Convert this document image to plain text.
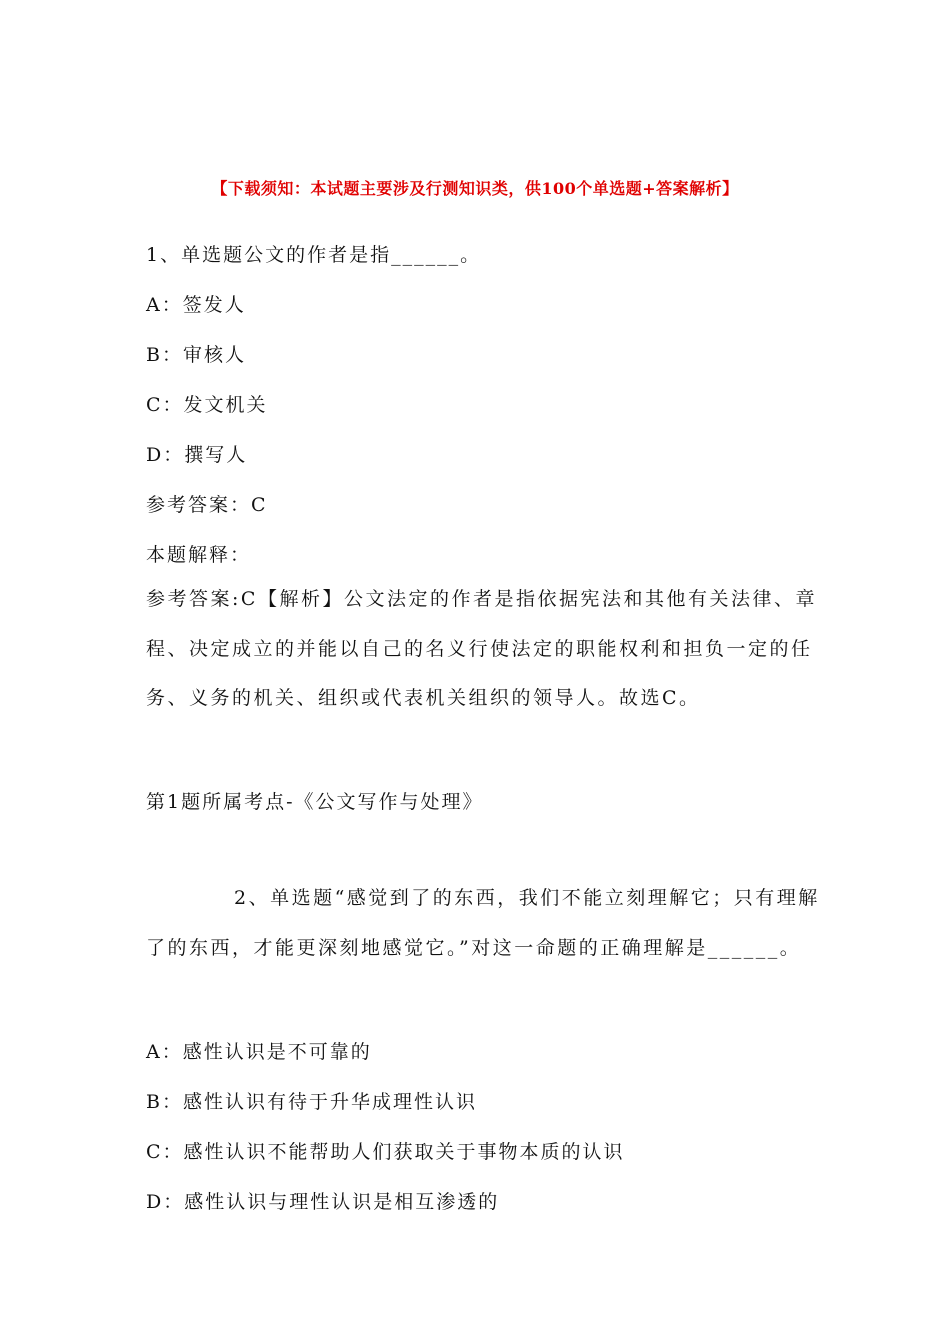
【下载须知：本试题主要涉及行测知识类，供100个单选题+答案解析】
1、单选题公文的作者是指______。
A：签发人
B：审核人
C：发文机关
D：撰写人
参考答案：C
本题解释：
参考答案:C【解析】公文法定的作者是指依据宪法和其他有关法律、章程、决定成立的并能以自己的名义行使法定的职能权利和担负一定的任务、义务的机关、组织或代表机关组织的领导人。故选C。
第1题所属考点-《公文写作与处理》
2、单选题“感觉到了的东西，我们不能立刻理解它；只有理解了的东西，才能更深刻地感觉它。”对这一命题的正确理解是______。
A：感性认识是不可靠的
B：感性认识有待于升华成理性认识
C：感性认识不能帮助人们获取关于事物本质的认识
D：感性认识与理性认识是相互渗透的
